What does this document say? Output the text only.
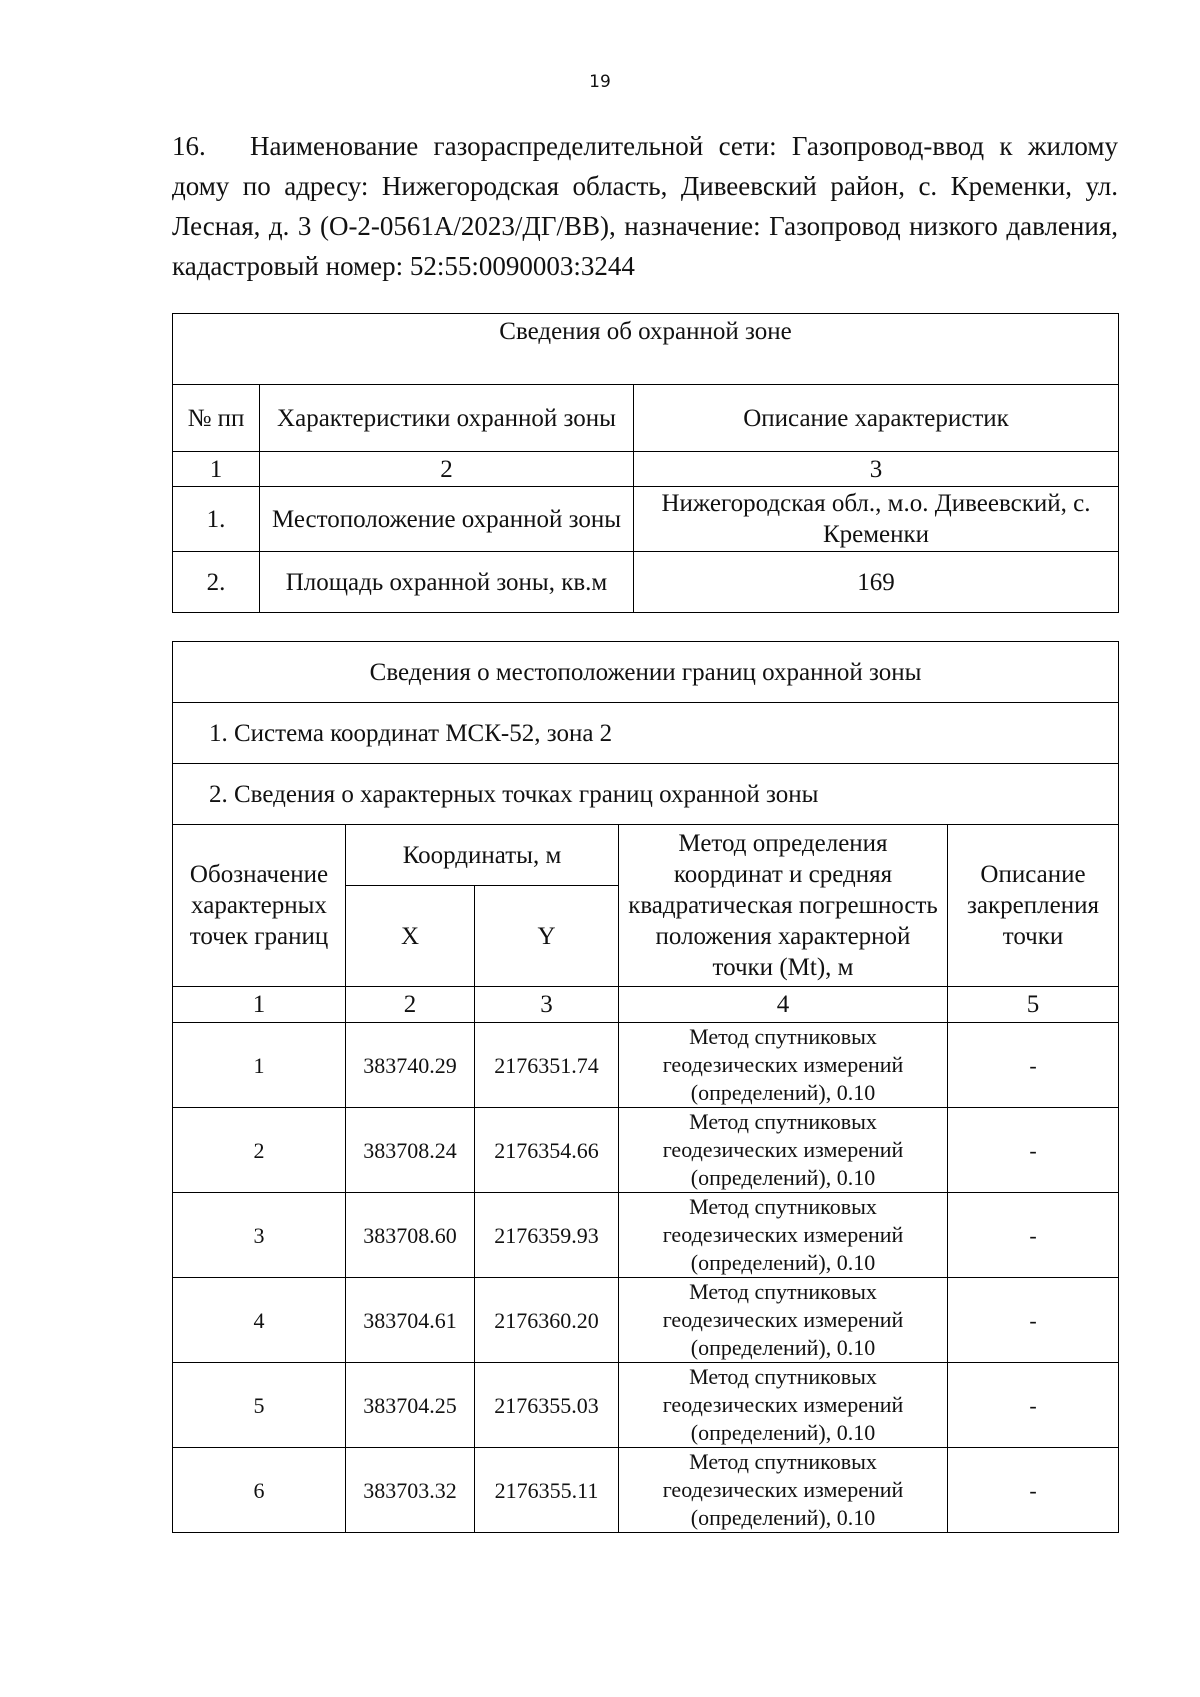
19
16. Наименование газораспределительной сети: Газопровод-ввод к жилому дому по адресу: Нижегородская область, Дивеевский район, с. Кременки, ул. Лесная, д. 3 (О-2-0561А/2023/ДГ/ВВ), назначение: Газопровод низкого давления, кадастровый номер: 52:55:0090003:3244
Сведения об охранной зоне		
№ пп	Характеристики охранной зоны	Описание характеристик
1	2	3
1.	Местоположение охранной зоны	Нижегородская обл., м.о. Дивеевский, с. Кременки
2.	Площадь охранной зоны, кв.м	169
Сведения о местоположении границ охранной зоны				
1. Система координат МСК-52, зона 2				
2. Сведения о характерных точках границ охранной зоны				
Обозначение характерных точек границ	Координаты, м		Метод определения координат и средняя квадратическая погрешность положения характерной точки (Mt), м	Описание закрепления точки
	X	Y		
1	2	3	4	5
1	383740.29	2176351.74	Метод спутниковых геодезических измерений (определений), 0.10	-
2	383708.24	2176354.66	Метод спутниковых геодезических измерений (определений), 0.10	-
3	383708.60	2176359.93	Метод спутниковых геодезических измерений (определений), 0.10	-
4	383704.61	2176360.20	Метод спутниковых геодезических измерений (определений), 0.10	-
5	383704.25	2176355.03	Метод спутниковых геодезических измерений (определений), 0.10	-
6	383703.32	2176355.11	Метод спутниковых геодезических измерений (определений), 0.10	-
